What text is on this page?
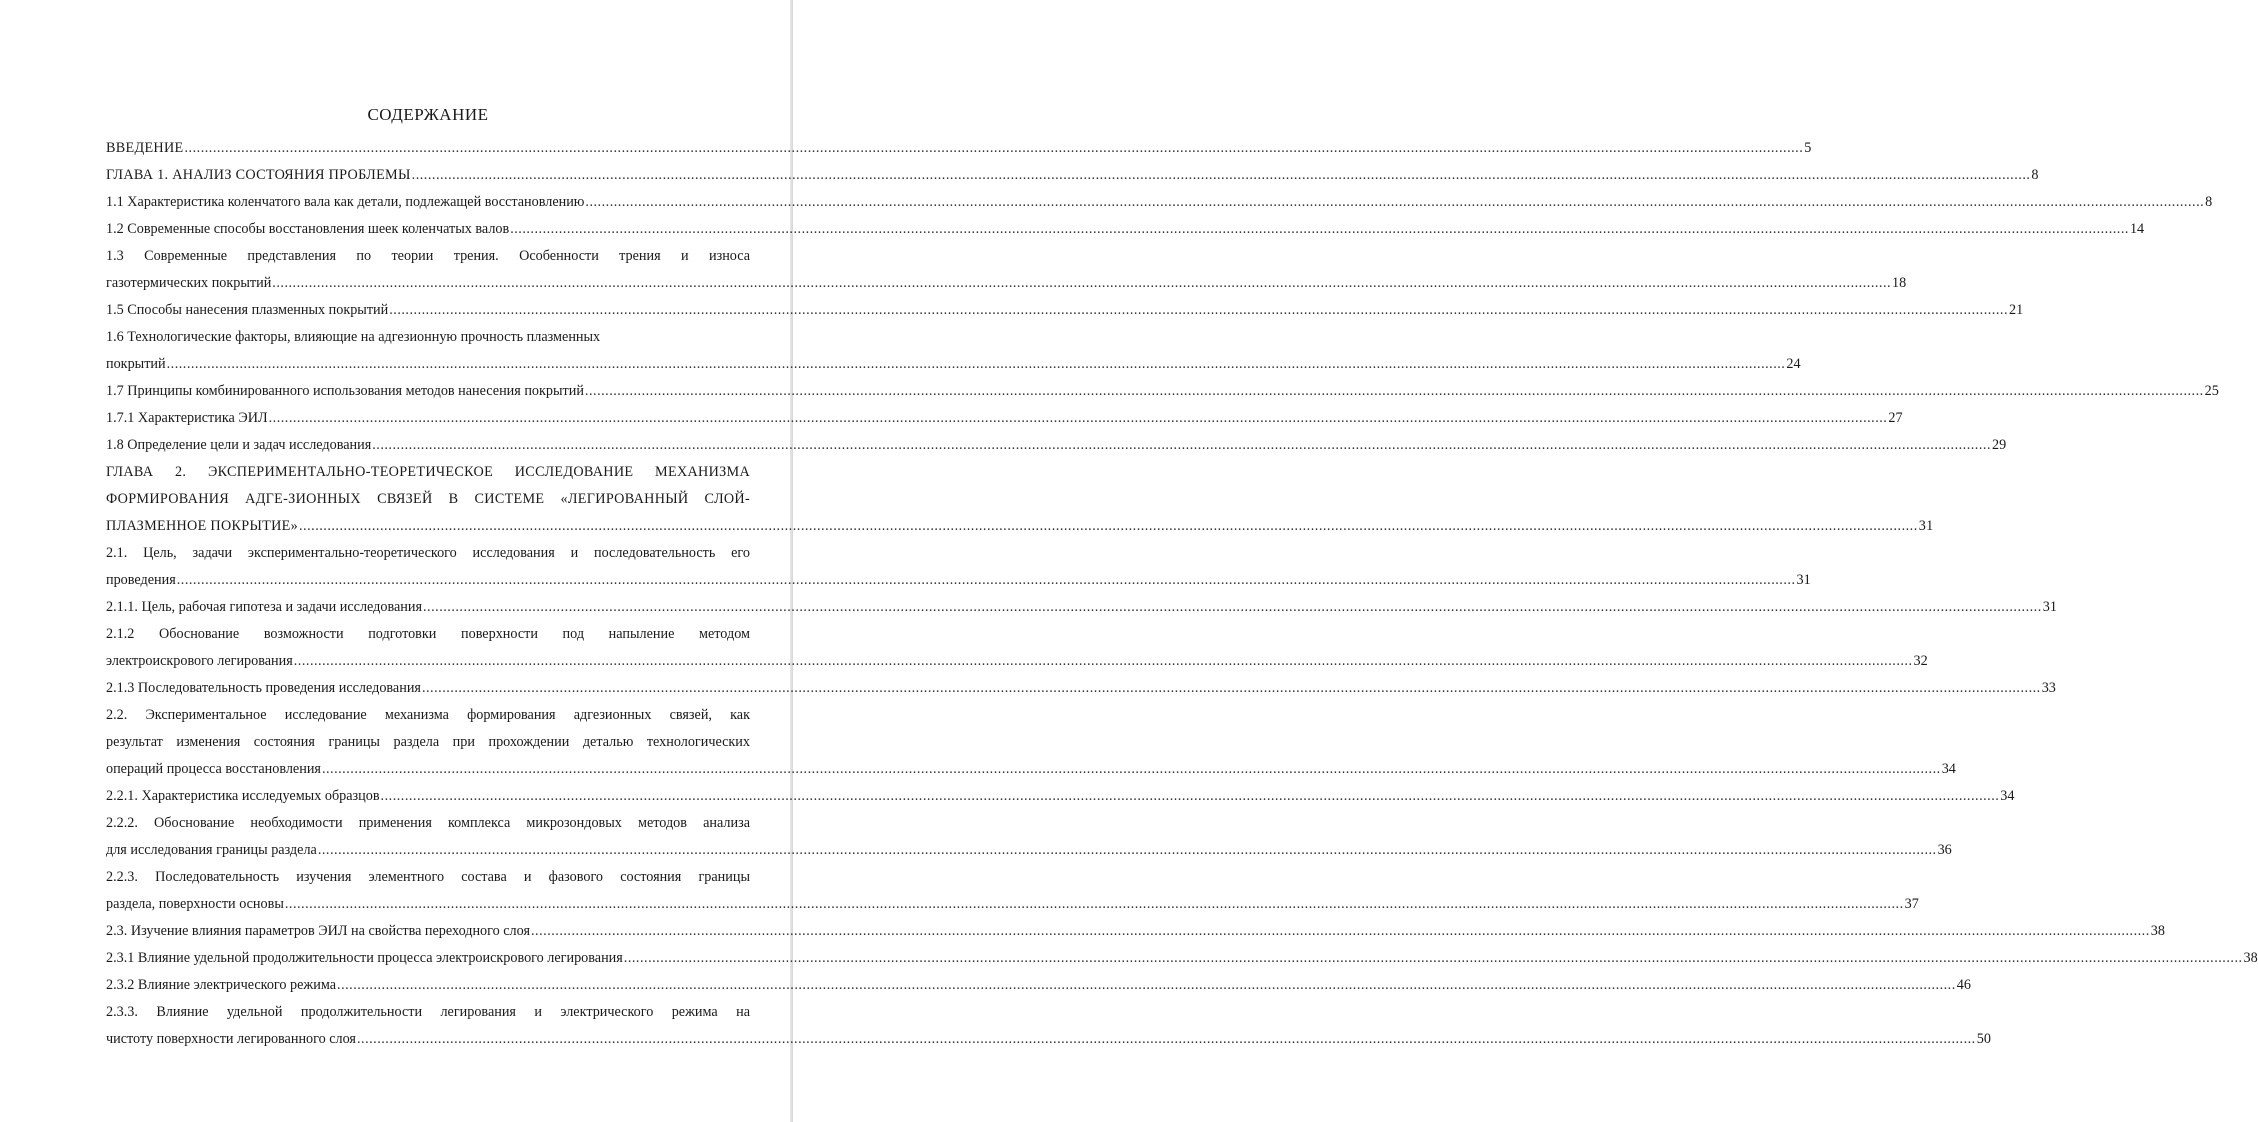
СОДЕРЖАНИЕ
ВВЕДЕНИЕ ................................................................................................................................................................................................................................................................................................................................................................................................................ 5
ГЛАВА 1. АНАЛИЗ СОСТОЯНИЯ ПРОБЛЕМЫ ................................................................................................................................................................................................................................................................................................................................................................................................................ 8
1.1 Характеристика коленчатого вала как детали, подлежащей восстановлению ................................................................................................................................................................................................................................................................................................................................................................................................................ 8
1.2 Современные способы восстановления шеек коленчатых валов ................................................................................................................................................................................................................................................................................................................................................................................................................ 14
1.3 Современные представления по теории трения. Особенности трения и износа
газотермических покрытий ................................................................................................................................................................................................................................................................................................................................................................................................................ 18
1.5 Способы нанесения плазменных покрытий ................................................................................................................................................................................................................................................................................................................................................................................................................ 21
1.6 Технологические факторы, влияющие на адгезионную прочность плазменных
покрытий ................................................................................................................................................................................................................................................................................................................................................................................................................ 24
1.7 Принципы комбинированного использования методов нанесения покрытий ................................................................................................................................................................................................................................................................................................................................................................................................................ 25
1.7.1 Характеристика ЭИЛ ................................................................................................................................................................................................................................................................................................................................................................................................................ 27
1.8 Определение цели и задач исследования ................................................................................................................................................................................................................................................................................................................................................................................................................ 29
ГЛАВА 2. ЭКСПЕРИМЕНТАЛЬНО-ТЕОРЕТИЧЕСКОЕ ИССЛЕДОВАНИЕ МЕХАНИЗМА
ФОРМИРОВАНИЯ АДГЕ-ЗИОННЫХ СВЯЗЕЙ В СИСТЕМЕ «ЛЕГИРОВАННЫЙ СЛОЙ-
ПЛАЗМЕННОЕ ПОКРЫТИЕ» ................................................................................................................................................................................................................................................................................................................................................................................................................ 31
2.1. Цель, задачи экспериментально-теоретического исследования и последовательность его
проведения ................................................................................................................................................................................................................................................................................................................................................................................................................ 31
2.1.1. Цель, рабочая гипотеза и задачи исследования ................................................................................................................................................................................................................................................................................................................................................................................................................ 31
2.1.2 Обоснование возможности подготовки поверхности под напыление методом
электроискрового легирования ................................................................................................................................................................................................................................................................................................................................................................................................................ 32
2.1.3 Последовательность проведения исследования ................................................................................................................................................................................................................................................................................................................................................................................................................ 33
2.2. Экспериментальное исследование механизма формирования адгезионных связей, как
результат изменения состояния границы раздела при прохождении деталью технологических
операций процесса восстановления ................................................................................................................................................................................................................................................................................................................................................................................................................ 34
2.2.1. Характеристика исследуемых образцов ................................................................................................................................................................................................................................................................................................................................................................................................................ 34
2.2.2. Обоснование необходимости применения комплекса микрозондовых методов анализа
для исследования границы раздела ................................................................................................................................................................................................................................................................................................................................................................................................................ 36
2.2.3. Последовательность изучения элементного состава и фазового состояния границы
раздела, поверхности основы ................................................................................................................................................................................................................................................................................................................................................................................................................ 37
2.3. Изучение влияния параметров ЭИЛ на свойства переходного слоя ................................................................................................................................................................................................................................................................................................................................................................................................................ 38
2.3.1 Влияние удельной продолжительности процесса электроискрового легирования ................................................................................................................................................................................................................................................................................................................................................................................................................ 38
2.3.2 Влияние электрического режима ................................................................................................................................................................................................................................................................................................................................................................................................................ 46
2.3.3. Влияние удельной продолжительности легирования и электрического режима на
чистоту поверхности легированного слоя ................................................................................................................................................................................................................................................................................................................................................................................................................ 50
